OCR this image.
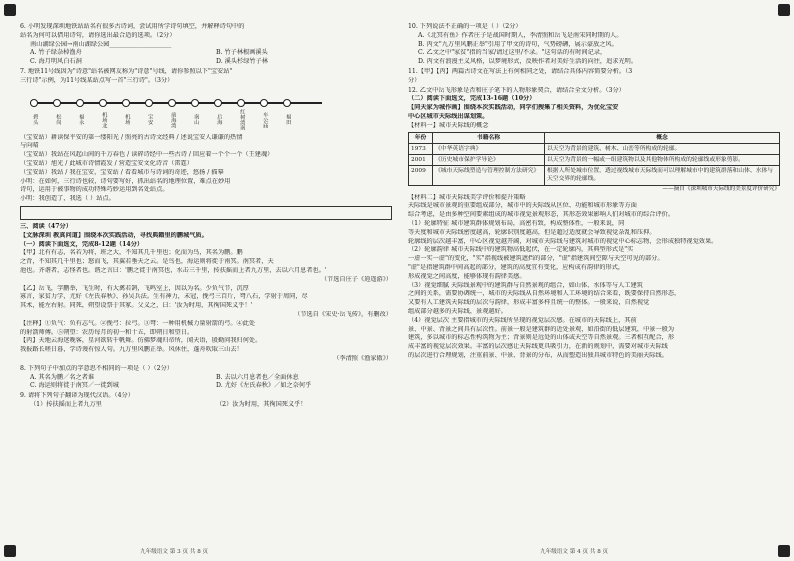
6. 小明发现深圳地铁站站名有很多古诗词，尝试用所学诗句填空，并解释诗句中的
站名为何可以借用诗句，请你选出最合适的选项。（2分）
南山湖绿公园→南山湖绿公园____________________
A. 竹子绿杂棹渔舟	B. 竹子林根画溪头
C. 海月明风白石洞	D. 溪头杉绿竹子林
7. 地铁11号线因为"诗意"站名被网友称为"诗意"号线，请你参照以下"宝安站"
三行诗"示例，为11号线某站点写一首"三行诗"。（3分）
碧头	松岗	福永	机场北	机场	宝安	前海湾	南山	后海	红树湾南	车公庙	福田
（宝安站）耕读保平安的第一缕阳光 / 照亮的古诗文经典 / 述说宝安人谦谦的热情
与向晴
（宝安站）我站在风起山间的千万春色 / 读碎诗经中一些古诗 / 回应着一个个一个（王建魂）
（宝安站）旭光 / 此城市诗情霞发 / 营造宝安文化诗音（雷霆）
（宝安站）我站 / 我在宝安，宝安站 / 看看城市与诗词的奇迹，悠扬 / 描摹
小明：在如何，三行诗也较，诗句要写好，抓出站名的地理位置，难点在妙用
诗句，运用于被事物的成功特殊巧妙运用到名处站点。
小明：我创造了，我选（ ）站点。
三、阅读（47分）
【文脉深圳 教真问道】围绕本次实践活动，寻找典籍里的鹏城气质。
（一）阅读下面选文，完成8-12题（14分）
【甲】北有有志，名若为将，班之大，不知其几千里也；化而为鸟，其名为鹏。鹏
之背，不知其几千里也；怒而飞，其翼若垂天之云。是鸟也，海运则将徙于南冥。南冥者，天
池也。齐谐者，志怪者也。谐之言曰：'鹏之徙于南冥也，水击三千里，抟扶摇而上者九万里，去以六月息者也。'
（节选自庄子《逍遥游》）
【乙】岳飞，字鹏举，飞生时，有大禽若鹄，飞鸣室上，因以为名。少负气节，沉厚
寡言，家贫力学，尤好《左氏春秋》、孙吴兵法。生有神力，未冠，挽弓三百斤，弩八石，学射于周同，尽
其术，能左右射。同死，朔望设祭于其冢。父义之，曰：'汝为时用，其徇国死义乎！'
（节选自《宋史·岳飞传》，有删改）
【注释】①负气：负有志气。②挽弓：拉弓。③弩：一种用机械力量射箭的弓。④此处
的射箭师傅。⑤朔望：农历每月的初一和十五，即朔日和望日。
【丙】天地云海迷晚客，星河欲转千帆舞。仿佛梦魂归帝所，闻天语，殷勤问我归何处。
我报路长嗟日暮，学诗谩有惊人句。九万里风鹏正举。风休住，蓬舟吹取三山去！
（李清照《渔家傲》）
8. 下列句子中加点的字意思不相同的一项是（ ）（2分）
A. 其名为鹏／名之者谁	B. 去以六月息者也／全面休息
C. 海运则将徙于南冥／一徙到城	D. 尤好《左氏春秋》／如之奈何乎
9. 请将下列句子翻译为现代汉语。（4分）
（1）抟扶摇而上者九万里	（2）汝为时用，其徇国死义乎！
九年级语文 第 3 页 共 8 页
10. 下列说法不正确的一项是（ ）（2分）
A.《北冥有鱼》作者庄子是战国时期人，李清照和岳飞是南宋同时期的人。
B. 丙文"九万里风鹏正举"引用了甲文的诗句，气势磅礴，展示豪放之风。
C. 乙文之中"家贫"指的当家/请过这里/不录。"这句话的有时间记录，
D. 丙文有浪漫主义风格，以梦境形式，反映作者对美好生活的向往，追求光明。
11.【甲】【丙】两篇古诗文在写法上有何相同之处，请结合具体内容简要分析。（3
分）
12. 乙文中岳飞形象是否和庄子笔下的人物形象契合，请结合全文分析。（3分）
（二）阅读下面选文，完成13-16题（10分）
【同天家为城作画】围绕本次实践活动，同学们搜集了相关资料，为优化宝安
中心区城市天际线出谋划策。
【材料一】城市天际线的概念
年份	书籍名称	概念
1973	《中华英语字典》	以天空为背景的建筑、树木、山峦等所构成的轮廓。
2001	《历史城市保护学导论》	以天空为背景的一幅或一组建筑物以及其他物体所构成的轮廓线或形象剪影。
2009	《城市天际线塑造与管理控制方法研究》	根据人所处城市位置，透过视线城市天际线而可以理解城市中的建筑群落和山体、水体与天空交界的轮廓线。
——摘自《深圳城市天际线的美景度评价研究》
【材料二】城市天际线美学评价和提升策略
天际线是城市景观的重要组成部分，城市中的天际线从区位、功能和城市形象等方面
综合考虑，是由多种空间要素组成的城市视觉景观形态，其形态效果影响人们对城市的综合评价。
（1）轮廓特征 城市建筑群体规划布局，高密有致，构成整体性，一般来说，同
等天度和城市天际线密度越高，轮廓识别度越高，但是超过适度就会导致视觉杂乱和压抑。
轮廓线的层次越丰富，中心区视觉越开阔，对城市天际线与建筑对城市的视觉中心标志物，会形成独特视觉效果。
（2）轮廓韵律 城市天际线中的建筑物高低起伏，在一定轮廓内，其典型形式是"实
一虚一实一虚"的变化，"实"指视线被建筑遮挡的部分，"虚"指建筑间空隙与天空可见的部分。
"虚"是指建筑群中间高起的部分，建筑的高度宜有变化，应构成有韵律的形式，
形成视觉之间高度，能够体现有韵律美感。
（3）视觉细腻 天际线景观中的建筑群与自然景观的组合，如山体、水体等与人工建筑
之间的关系，需要协调统一，城市的天际线从自然环境和人工环境的结合来看，既要保持自然形态，
又要有人工建筑天际线的层次与韵律，形成丰富多样且统一的整体。一般来说，自然视觉
组成部分越多的天际线，景观越好。
（4）视觉层次 主要指城市的天际线所呈现的视觉层次感。在城市的天际线上，其前
景、中景、背景之间具有层次性。前景一般是建筑群的近处景观，如沿街的低层建筑，中景一般为
建筑，多以城市的标志性构筑物为主；背景则是远处的山体或天空等自然景观。三者相互配合，形
成丰富的视觉层次效果。丰富的层次感让天际线更具吸引力，在新的规划中，需要对城市天际线
的层次进行合理规划，注重前景、中景、背景的分布，从而塑造出独具城市特色的美丽天际线。
九年级语文 第 4 页 共 8 页
